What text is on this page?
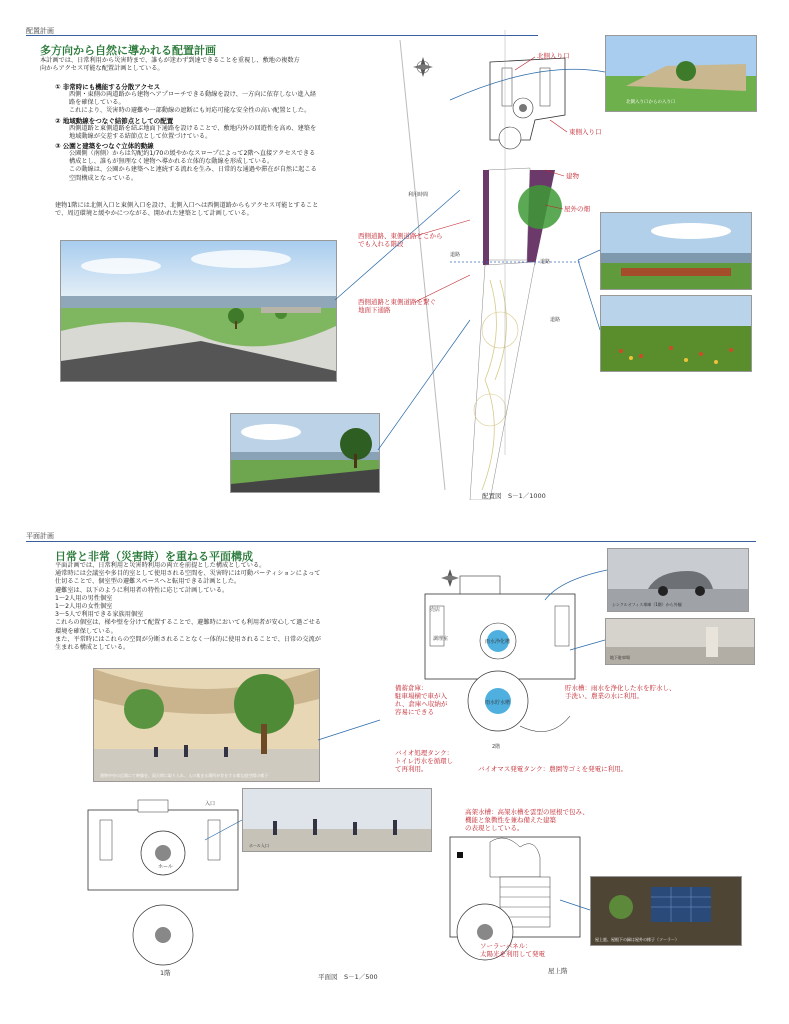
配置計画
多方向から自然に導かれる配置計画
本計画では、日常利用から災害時まで、誰もが迷わず到達できることを重視し、敷地の複数方
向からアクセス可能な配置計画としている。
① 非常時にも機能する分散アクセス
西側・東側の両道路から建物へアプローチできる動線を設け、一方向に依存しない進入経
路を確保している。
これにより、災害時の避難や一部動線の遮断にも対応可能な安全性の高い配置とした。
② 地域動線をつなぐ結節点としての配置
西側道路と東側道路を結ぶ地面下通路を設けることで、敷地内外の回遊性を高め、建築を
地域動線が交差する結節点として位置づけている。
③ 公園と建築をつなぐ立体的動線
公園側（南側）からは勾配約1/70の緩やかなスロープによって2階へ直接アクセスできる
構成とし、誰もが無理なく建物へ導かれる立体的な動線を形成している。
この動線は、公園から建築へと連続する流れを生み、日常的な通過や滞在が自然に起こる
空間構成となっている。
建物1階には北側入口と東側入口を設け、北側入口へは西側道路からもアクセス可能とすること
で、周辺環境と緩やかにつながる、開かれた建築として計画している。
北側入り口
東側入り口
建物
屋外の畑
西側道路、東側道路どこから
でも入れる階段
西側道路と東側道路を繋ぐ
地面下通路
利用時間
道路
道路
道路
配置図　S－1／1000
北側入り口からの入り口
平面計画
日常と非常（災害時）を重ねる平面構成
平面計画では、日常利用と災害時利用の両立を前提とした構成としている。
通常時には会議室や多目的室として使用される空間を、災害時には可動パーティションによって
仕切ることで、個室型の避難スペースへと転用できる計画とした。
避難室は、以下のように利用者の特性に応じて計画している。
1～2人用の男性個室
1～2人用の女性個室
3～5人で利用できる家族用個室
これらの個室は、梯や壁を分けて配置することで、避難時においても利用者が安心して過ごせる
環境を確保している。
また、平常時にはこれらの空間が分断されることなく一体的に使用されることで、日常の交流が
生まれる構成としている。
建物中央の広場にて映像を、雨天時に取り入れ、人の集まる場所が存在する様な庭空間の様子
ホール入口
ホール
入口
1階
雨水浄化槽
雨水貯水槽
調理室
売店
2階
備蓄倉庫：
駐車場横で車が入
れ、倉庫へ収納が
容易にできる
貯水槽：雨水を浄化した水を貯水し、
手洗い、農業の水に利用。
バイオ処理タンク：
トイレ汚水を循環し
て再利用。	バイオマス発電タンク：農園等ゴミを発電に利用。
シンクルオフィス車庫（1階）から外観
地下駐車場
屋上階
高架水槽：高架水槽を雲型の屋根で包み、
機能と象徴性を兼ね備えた建築
の表現としている。
ソーラーパネル：
太陽光を利用して発電
屋上庭、屋根下の緑は屋外の様子（ソーラー）
平面図　S－1／500
